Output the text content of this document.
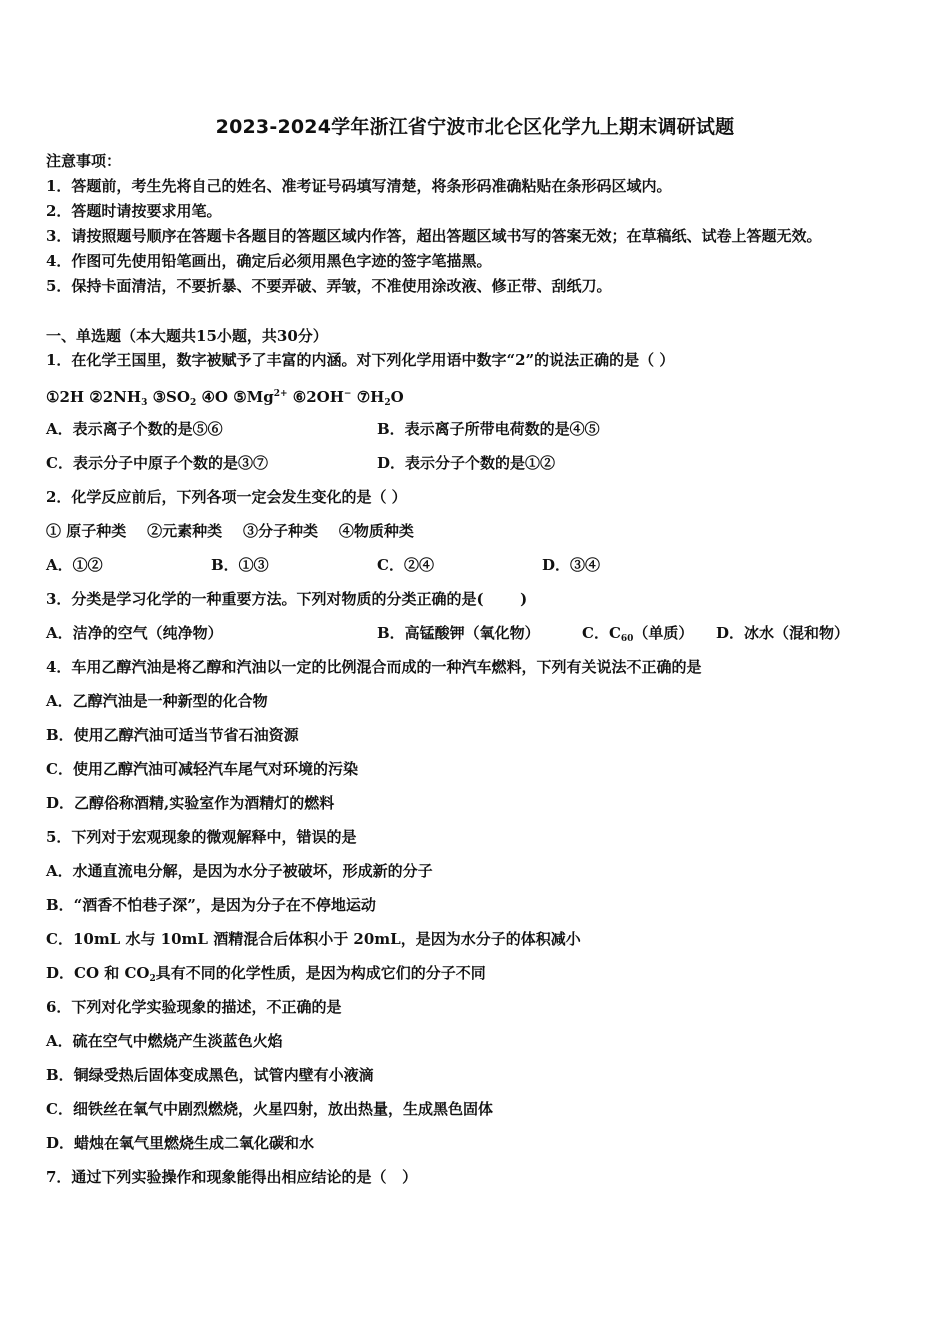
2023-2024学年浙江省宁波市北仑区化学九上期末调研试题
注意事项：
1．答题前，考生先将自己的姓名、准考证号码填写清楚，将条形码准确粘贴在条形码区域内。
2．答题时请按要求用笔。
3．请按照题号顺序在答题卡各题目的答题区域内作答，超出答题区域书写的答案无效；在草稿纸、试卷上答题无效。
4．作图可先使用铅笔画出，确定后必须用黑色字迹的签字笔描黑。
5．保持卡面清洁，不要折暴、不要弄破、弄皱，不准使用涂改液、修正带、刮纸刀。
一、单选题（本大题共15小题，共30分）
1．在化学王国里，数字被赋予了丰富的内涵。对下列化学用语中数字“2”的说法正确的是（ ）
①2H $②2NH_3$ $③SO_2$ ④O $⑤Mg^{2+}$ ⑥2OH− $⑦H_2O$
A．表示离子个数的是⑤⑥	B．表示离子所带电荷数的是④⑤
C．表示分子中原子个数的是③⑦	D．表示分子个数的是①②
2．化学反应前后，下列各项一定会发生变化的是（ ）
① 原子种类    ②元素种类    ③分子种类    ④物质种类
A．①②	B．①③	C．②④	D．③④
3．分类是学习化学的一种重要方法。下列对物质的分类正确的是(       )
A．洁净的空气（纯净物）	B．高锰酸钾（氧化物）	C．$C_{60}$（单质） D．冰水（混和物）
4．车用乙醇汽油是将乙醇和汽油以一定的比例混合而成的一种汽车燃料，下列有关说法不正确的是
A．乙醇汽油是一种新型的化合物
B．使用乙醇汽油可适当节省石油资源
C．使用乙醇汽油可减轻汽车尾气对环境的污染
D．乙醇俗称酒精,实验室作为酒精灯的燃料
5．下列对于宏观现象的微观解释中，错误的是
A．水通直流电分解，是因为水分子被破坏，形成新的分子
B．“酒香不怕巷子深”，是因为分子在不停地运动
C．10mL 水与 10mL 酒精混合后体积小于 20mL，是因为水分子的体积减小
D．CO 和 $CO_2$具有不同的化学性质，是因为构成它们的分子不同
6．下列对化学实验现象的描述，不正确的是
A．硫在空气中燃烧产生淡蓝色火焰
B．铜绿受热后固体变成黑色，试管内壁有小液滴
C．细铁丝在氧气中剧烈燃烧，火星四射，放出热量，生成黑色固体
D．蜡烛在氧气里燃烧生成二氧化碳和水
7．通过下列实验操作和现象能得出相应结论的是（   ）
